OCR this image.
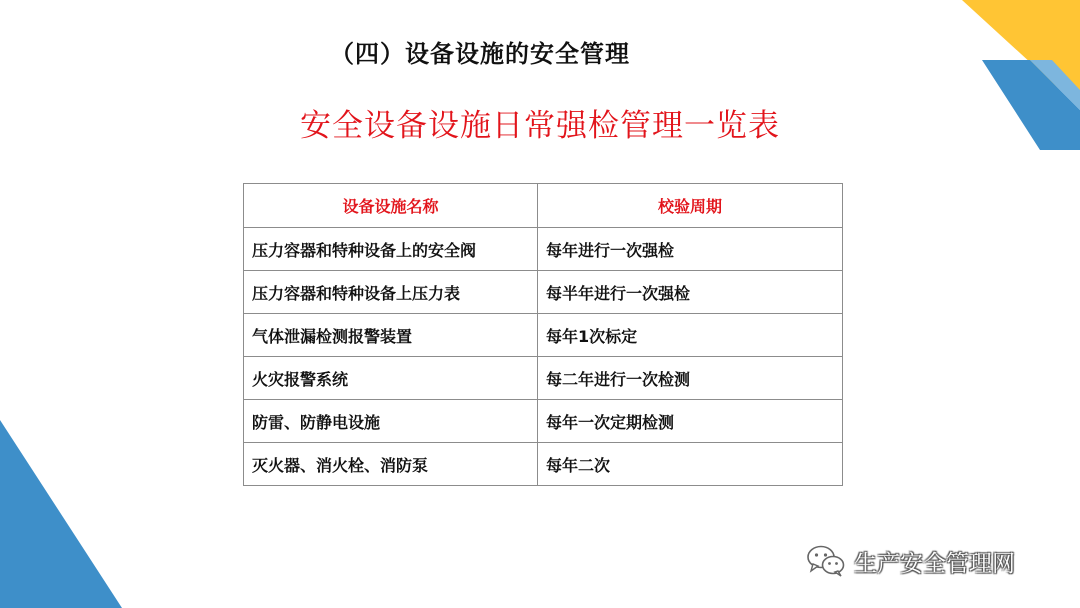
（四）设备设施的安全管理
安全设备设施日常强检管理一览表
设备设施名称	校验周期
压力容器和特种设备上的安全阀	每年进行一次强检
压力容器和特种设备上压力表	每半年进行一次强检
气体泄漏检测报警装置	每年1次标定
火灾报警系统	每二年进行一次检测
防雷、防静电设施	每年一次定期检测
灭火器、消火栓、消防泵	每年二次
生产安全管理网
